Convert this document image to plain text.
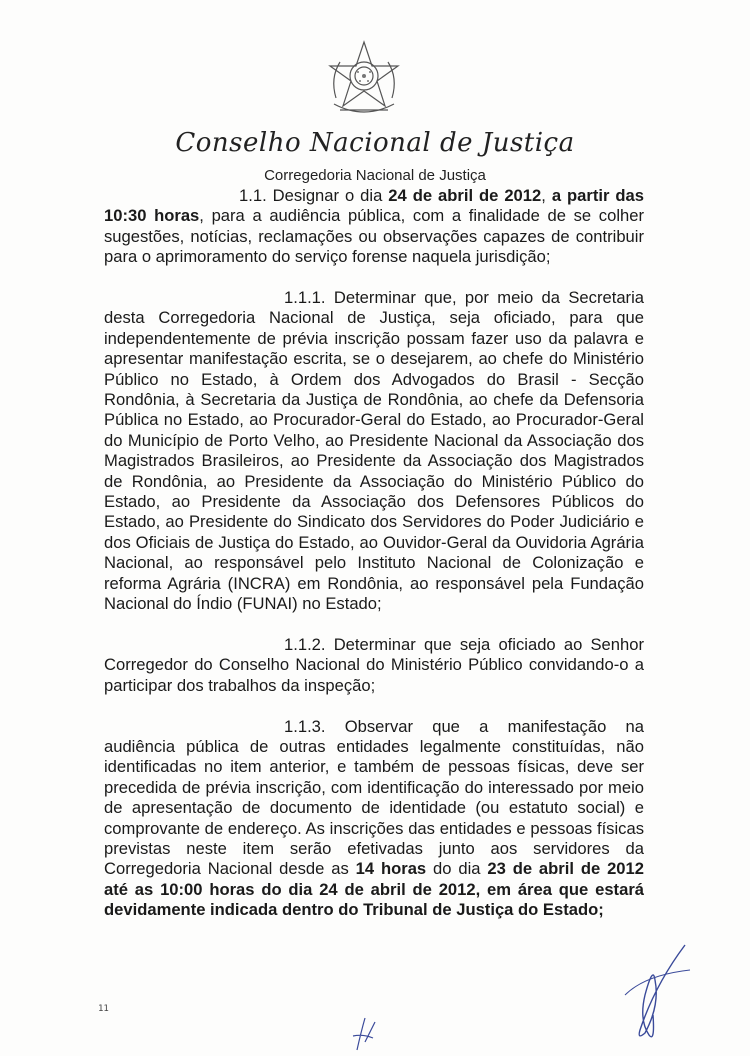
Conselho Nacional de Justiça
Corregedoria Nacional de Justiça

1.1. Designar o dia 24 de abril de 2012, a partir das 10:30 horas, para a audiência pública, com a finalidade de se colher sugestões, notícias, reclamações ou observações capazes de contribuir para o aprimoramento do serviço forense naquela jurisdição;

1.1.1. Determinar que, por meio da Secretaria desta Corregedoria Nacional de Justiça, seja oficiado, para que independentemente de prévia inscrição possam fazer uso da palavra e apresentar manifestação escrita, se o desejarem, ao chefe do Ministério Público no Estado, à Ordem dos Advogados do Brasil - Secção Rondônia, à Secretaria da Justiça de Rondônia, ao chefe da Defensoria Pública no Estado, ao Procurador-Geral do Estado, ao Procurador-Geral do Município de Porto Velho, ao Presidente Nacional da Associação dos Magistrados Brasileiros, ao Presidente da Associação dos Magistrados de Rondônia, ao Presidente da Associação do Ministério Público do Estado, ao Presidente da Associação dos Defensores Públicos do Estado, ao Presidente do Sindicato dos Servidores do Poder Judiciário e dos Oficiais de Justiça do Estado, ao Ouvidor-Geral da Ouvidoria Agrária Nacional, ao responsável pelo Instituto Nacional de Colonização e reforma Agrária (INCRA) em Rondônia, ao responsável pela Fundação Nacional do Índio (FUNAI) no Estado;

1.1.2. Determinar que seja oficiado ao Senhor Corregedor do Conselho Nacional do Ministério Público convidando-o a participar dos trabalhos da inspeção;

1.1.3. Observar que a manifestação na audiência pública de outras entidades legalmente constituídas, não identificadas no item anterior, e também de pessoas físicas, deve ser precedida de prévia inscrição, com identificação do interessado por meio de apresentação de documento de identidade (ou estatuto social) e comprovante de endereço. As inscrições das entidades e pessoas físicas previstas neste item serão efetivadas junto aos servidores da Corregedoria Nacional desde as 14 horas do dia 23 de abril de 2012 até as 10:00 horas do dia 24 de abril de 2012, em área que estará devidamente indicada dentro do Tribunal de Justiça do Estado;

11
